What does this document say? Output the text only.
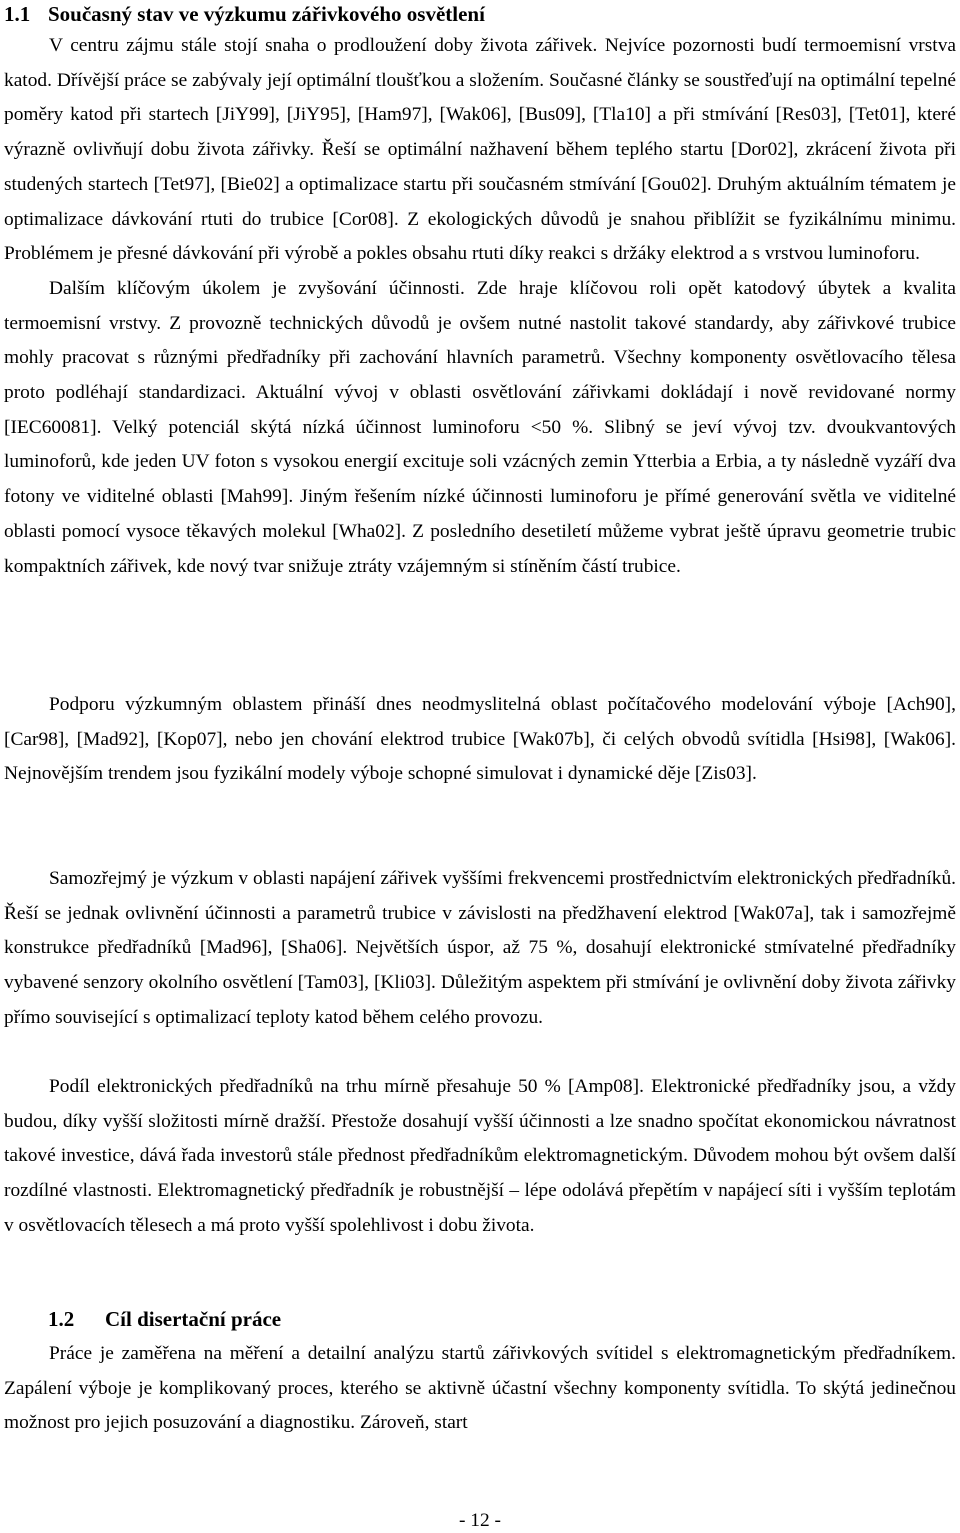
1.1 Současný stav ve výzkumu zářivkového osvětlení

V centru zájmu stále stojí snaha o prodloužení doby života zářivek. Nejvíce pozornosti budí termoemisní vrstva katod. Dřívější práce se zabývaly její optimální tloušťkou a složením. Současné články se soustřeďují na optimální tepelné poměry katod při startech [JiY99], [JiY95], [Ham97], [Wak06], [Bus09], [Tla10] a při stmívání [Res03], [Tet01], které výrazně ovlivňují dobu života zářivky. Řeší se optimální nažhavení během teplého startu [Dor02], zkrácení života při studených startech [Tet97], [Bie02] a optimalizace startu při současném stmívání [Gou02]. Druhým aktuálním tématem je optimalizace dávkování rtuti do trubice [Cor08]. Z ekologických důvodů je snahou přiblížit se fyzikálnímu minimu. Problémem je přesné dávkování při výrobě a pokles obsahu rtuti díky reakci s držáky elektrod a s vrstvou luminoforu.
Dalším klíčovým úkolem je zvyšování účinnosti. Zde hraje klíčovou roli opět katodový úbytek a kvalita termoemisní vrstvy. Z provozně technických důvodů je ovšem nutné nastolit takové standardy, aby zářivkové trubice mohly pracovat s různými předřadníky při zachování hlavních parametrů. Všechny komponenty osvětlovacího tělesa proto podléhají standardizaci. Aktuální vývoj v oblasti osvětlování zářivkami dokládají i nově revidované normy [IEC60081]. Velký potenciál skýtá nízká účinnost luminoforu <50 %. Slibný se jeví vývoj tzv. dvoukvantových luminoforů, kde jeden UV foton s vysokou energií excituje soli vzácných zemin Ytterbia a Erbia, a ty následně vyzáří dva fotony ve viditelné oblasti [Mah99]. Jiným řešením nízké účinnosti luminoforu je přímé generování světla ve viditelné oblasti pomocí vysoce těkavých molekul [Wha02]. Z posledního desetiletí můžeme vybrat ještě úpravu geometrie trubic kompaktních zářivek, kde nový tvar snižuje ztráty vzájemným si stíněním částí trubice.

Podporu výzkumným oblastem přináší dnes neodmyslitelná oblast počítačového modelování výboje [Ach90], [Car98], [Mad92], [Kop07], nebo jen chování elektrod trubice [Wak07b], či celých obvodů svítidla [Hsi98], [Wak06]. Nejnovějším trendem jsou fyzikální modely výboje schopné simulovat i dynamické děje [Zis03].

Samozřejmý je výzkum v oblasti napájení zářivek vyššími frekvencemi prostřednictvím elektronických předřadníků. Řeší se jednak ovlivnění účinnosti a parametrů trubice v závislosti na předžhavení elektrod [Wak07a], tak i samozřejmě konstrukce předřadníků [Mad96], [Sha06]. Největších úspor, až 75 %, dosahují elektronické stmívatelné předřadníky vybavené senzory okolního osvětlení [Tam03], [Kli03]. Důležitým aspektem při stmívání je ovlivnění doby života zářivky přímo související s optimalizací teploty katod během celého provozu.

Podíl elektronických předřadníků na trhu mírně přesahuje 50 % [Amp08]. Elektronické předřadníky jsou, a vždy budou, díky vyšší složitosti mírně dražší. Přestože dosahují vyšší účinnosti a lze snadno spočítat ekonomickou návratnost takové investice, dává řada investorů stále přednost předřadníkům elektromagnetickým. Důvodem mohou být ovšem další rozdílné vlastnosti. Elektromagnetický předřadník je robustnější – lépe odolává přepětím v napájecí síti i vyšším teplotám v osvětlovacích tělesech a má proto vyšší spolehlivost i dobu života.

1.2 Cíl disertační práce

Práce je zaměřena na měření a detailní analýzu startů zářivkových svítidel s elektromagnetickým předřadníkem. Zapálení výboje je komplikovaný proces, kterého se aktivně účastní všechny komponenty svítidla. To skýtá jedinečnou možnost pro jejich posuzování a diagnostiku. Zároveň, start

- 12 -
